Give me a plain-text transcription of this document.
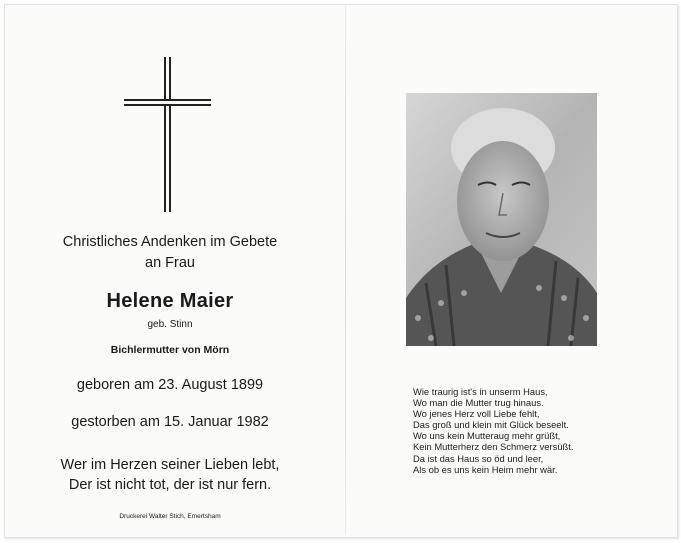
Christliches Andenken im Gebete
an Frau
Helene Maier
geb. Stinn
Bichlermutter von Mörn
geboren am 23. August 1899
gestorben am 15. Januar 1982
Wer im Herzen seiner Lieben lebt,
Der ist nicht tot, der ist nur fern.
Druckerei Walter Stich, Emertsham
Wie traurig ist's in unserm Haus,
Wo man die Mutter trug hinaus.
Wo jenes Herz voll Liebe fehlt,
Das groß und klein mit Glück beseelt.
Wo uns kein Mutteraug mehr grüßt,
Kein Mutterherz den Schmerz versüßt.
Da ist das Haus so öd und leer,
Als ob es uns kein Heim mehr wär.
